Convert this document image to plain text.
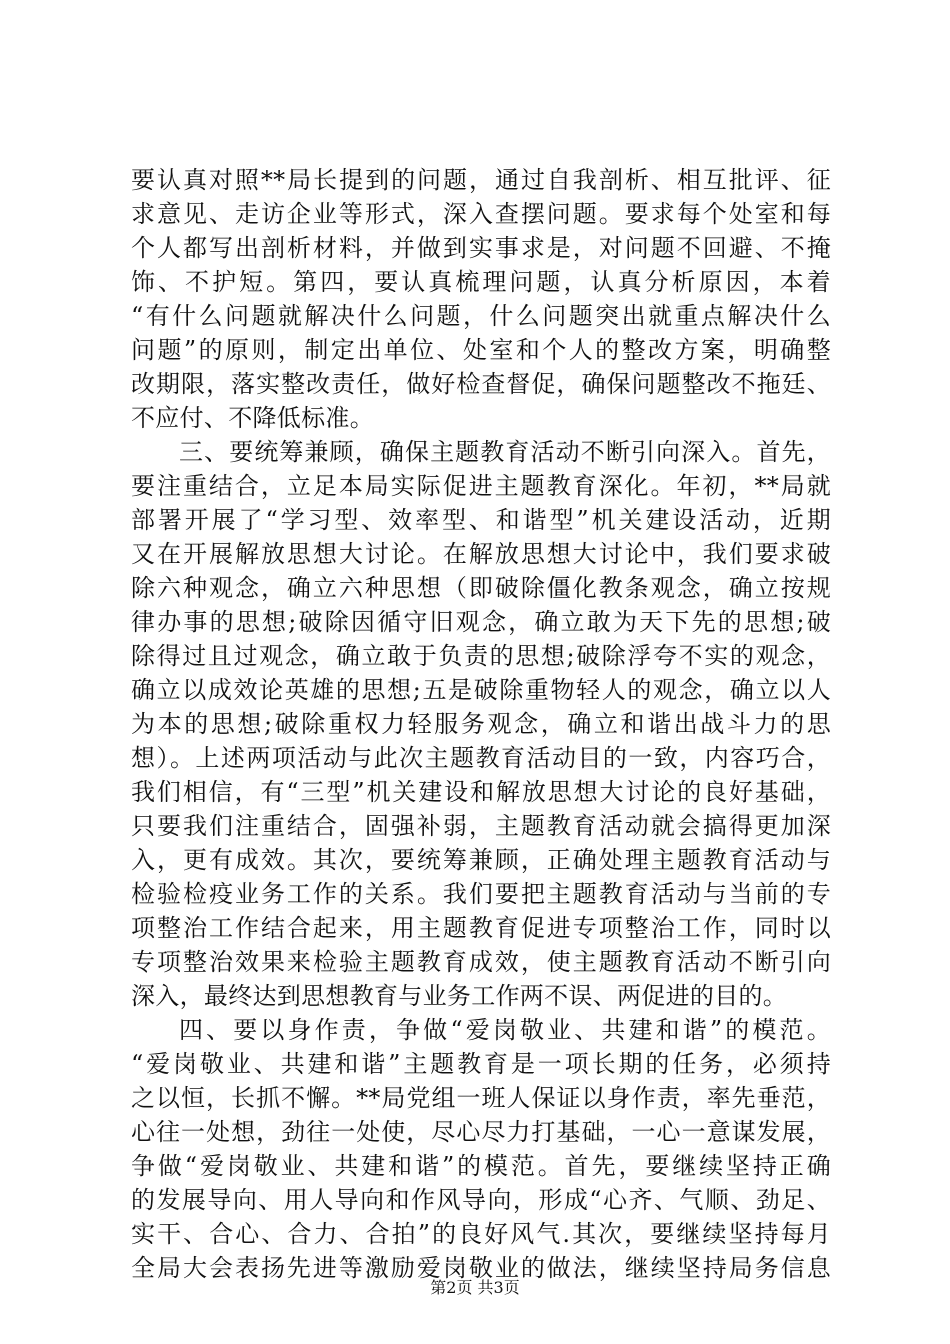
要认真对照**局长提到的问题，通过自我剖析、相互批评、征
求意见、走访企业等形式，深入查摆问题。要求每个处室和每
个人都写出剖析材料，并做到实事求是，对问题不回避、不掩
饰、不护短。第四，要认真梳理问题，认真分析原因，本着
“有什么问题就解决什么问题，什么问题突出就重点解决什么
问题”的原则，制定出单位、处室和个人的整改方案，明确整
改期限，落实整改责任，做好检查督促，确保问题整改不拖廷、
不应付、不降低标准。
三、要统筹兼顾，确保主题教育活动不断引向深入。首先，
要注重结合，立足本局实际促进主题教育深化。年初，**局就
部署开展了“学习型、效率型、和谐型”机关建设活动，近期
又在开展解放思想大讨论。在解放思想大讨论中，我们要求破
除六种观念，确立六种思想（即破除僵化教条观念，确立按规
律办事的思想;破除因循守旧观念，确立敢为天下先的思想;破
除得过且过观念，确立敢于负责的思想;破除浮夸不实的观念，
确立以成效论英雄的思想;五是破除重物轻人的观念，确立以人
为本的思想;破除重权力轻服务观念，确立和谐出战斗力的思
想）。上述两项活动与此次主题教育活动目的一致，内容巧合，
我们相信，有“三型”机关建设和解放思想大讨论的良好基础，
只要我们注重结合，固强补弱，主题教育活动就会搞得更加深
入，更有成效。其次，要统筹兼顾，正确处理主题教育活动与
检验检疫业务工作的关系。我们要把主题教育活动与当前的专
项整治工作结合起来，用主题教育促进专项整治工作，同时以
专项整治效果来检验主题教育成效，使主题教育活动不断引向
深入，最终达到思想教育与业务工作两不误、两促进的目的。
四、要以身作责，争做“爱岗敬业、共建和谐”的模范。
“爱岗敬业、共建和谐”主题教育是一项长期的任务，必须持
之以恒，长抓不懈。**局党组一班人保证以身作责，率先垂范，
心往一处想，劲往一处使，尽心尽力打基础，一心一意谋发展，
争做“爱岗敬业、共建和谐”的模范。首先，要继续坚持正确
的发展导向、用人导向和作风导向，形成“心齐、气顺、劲足、
实干、合心、合力、合拍”的良好风气.其次，要继续坚持每月
全局大会表扬先进等激励爱岗敬业的做法，继续坚持局务信息
第2页 共3页
